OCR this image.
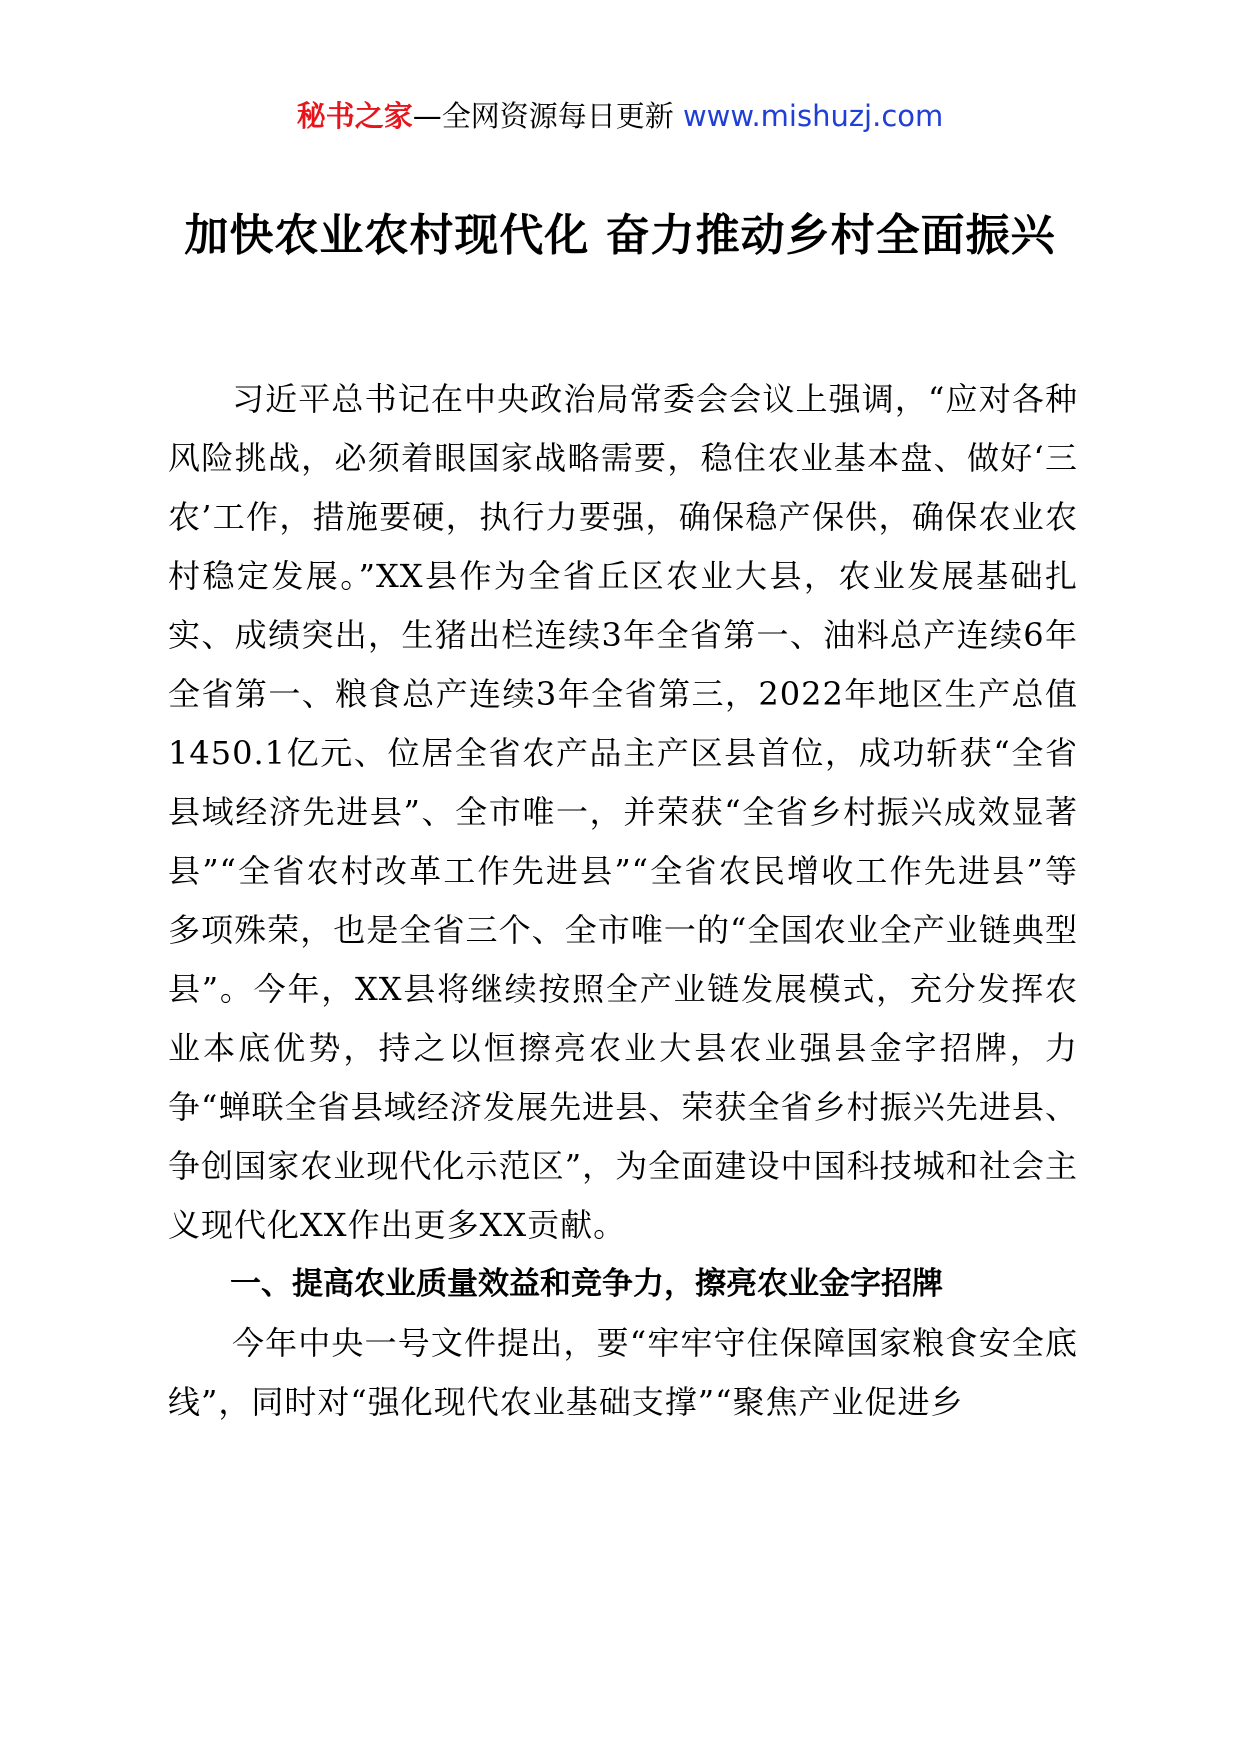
秘书之家—全网资源每日更新 www.mishuzj.com
加快农业农村现代化 奋力推动乡村全面振兴

习近平总书记在中央政治局常委会会议上强调，“应对各种风险挑战，必须着眼国家战略需要，稳住农业基本盘、做好‘三农’工作，措施要硬，执行力要强，确保稳产保供，确保农业农村稳定发展。”XX县作为全省丘区农业大县，农业发展基础扎实、成绩突出，生猪出栏连续3年全省第一、油料总产连续6年全省第一、粮食总产连续3年全省第三，2022年地区生产总值1450.1亿元、位居全省农产品主产区县首位，成功斩获“全省县域经济先进县”、全市唯一，并荣获“全省乡村振兴成效显著县”“全省农村改革工作先进县”“全省农民增收工作先进县”等多项殊荣，也是全省三个、全市唯一的“全国农业全产业链典型县”。今年，XX县将继续按照全产业链发展模式，充分发挥农业本底优势，持之以恒擦亮农业大县农业强县金字招牌，力争“蝉联全省县域经济发展先进县、荣获全省乡村振兴先进县、争创国家农业现代化示范区”，为全面建设中国科技城和社会主义现代化XX作出更多XX贡献。

一、提高农业质量效益和竞争力，擦亮农业金字招牌

今年中央一号文件提出，要“牢牢守住保障国家粮食安全底线”，同时对“强化现代农业基础支撑”“聚焦产业促进乡
